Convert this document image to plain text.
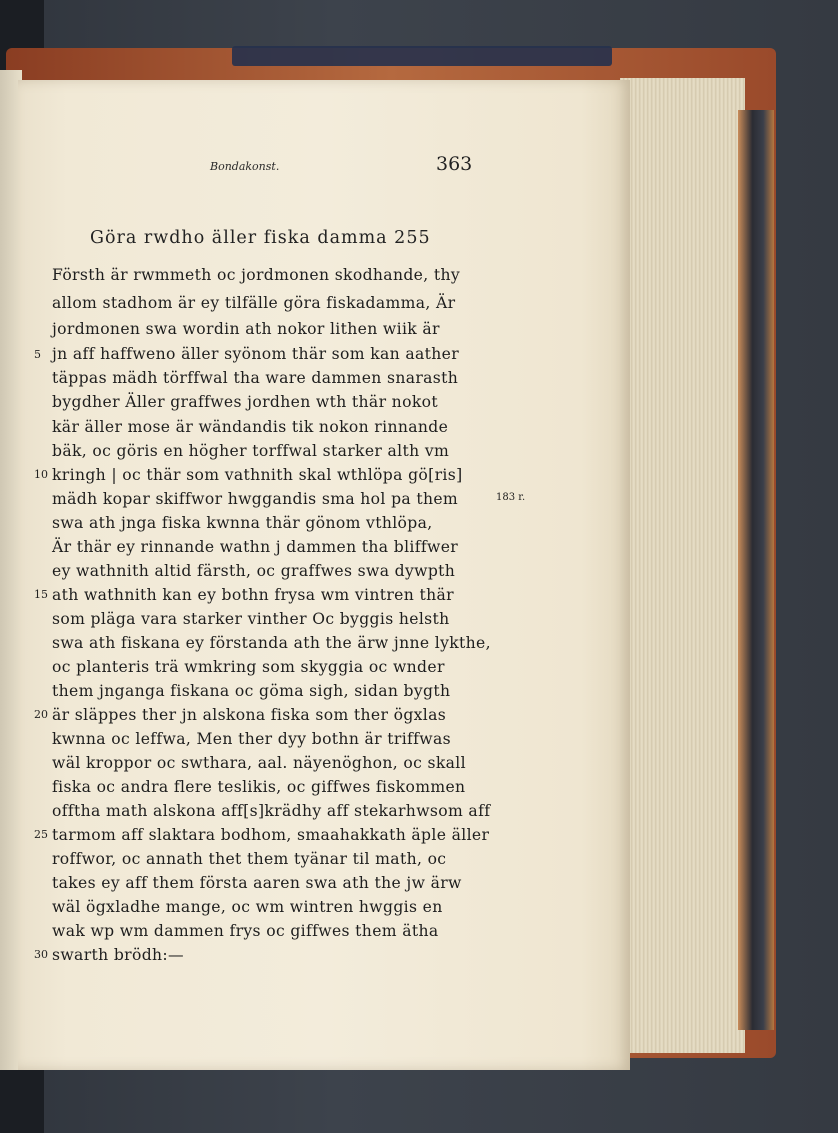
Bondakonst.	363
Göra rwdho äller fiska damma 255
Försth är rwmmeth oc jordmonen skodhande, thy
allom stadhom är ey tilfälle göra fiskadamma, Är
jordmonen swa wordin ath nokor lithen wiik är
jn aff haffweno äller syönom thär som kan aather
täppas mädh törffwal tha ware dammen snarasth
bygdher Äller graffwes jordhen wth thär nokot
kär äller mose är wändandis tik nokon rinnande
bäk, oc göris en högher torffwal starker alth vm
kringh | oc thär som vathnith skal wthlöpa gö[ris]
mädh kopar skiffwor hwggandis sma hol pa them
swa ath jnga fiska kwnna thär gönom vthlöpa,
Är thär ey rinnande wathn j dammen tha bliffwer
ey wathnith altid färsth, oc graffwes swa dywpth
ath wathnith kan ey bothn frysa wm vintren thär
som pläga vara starker vinther Oc byggis helsth
swa ath fiskana ey förstanda ath the ärw jnne lykthe,
oc planteris trä wmkring som skyggia oc wnder
them jnganga fiskana oc göma sigh, sidan bygth
är släppes ther jn alskona fiska som ther ögxlas
kwnna oc leffwa, Men ther dyy bothn är triffwas
wäl kroppor oc swthara, aal. näyenöghon, oc skall
fiska oc andra flere teslikis, oc giffwes fiskommen
offtha math alskona aff[s]krädhy aff stekarhwsom aff
tarmom aff slaktara bodhom, smaahakkath äple äller
roffwor, oc annath thet them tyänar til math, oc
takes ey aff them första aaren swa ath the jw ärw
wäl ögxladhe mange, oc wm wintren hwggis en
wak wp wm dammen frys oc giffwes them ätha
swarth brödh:—
5
10
15
20
25
30
183 r.
